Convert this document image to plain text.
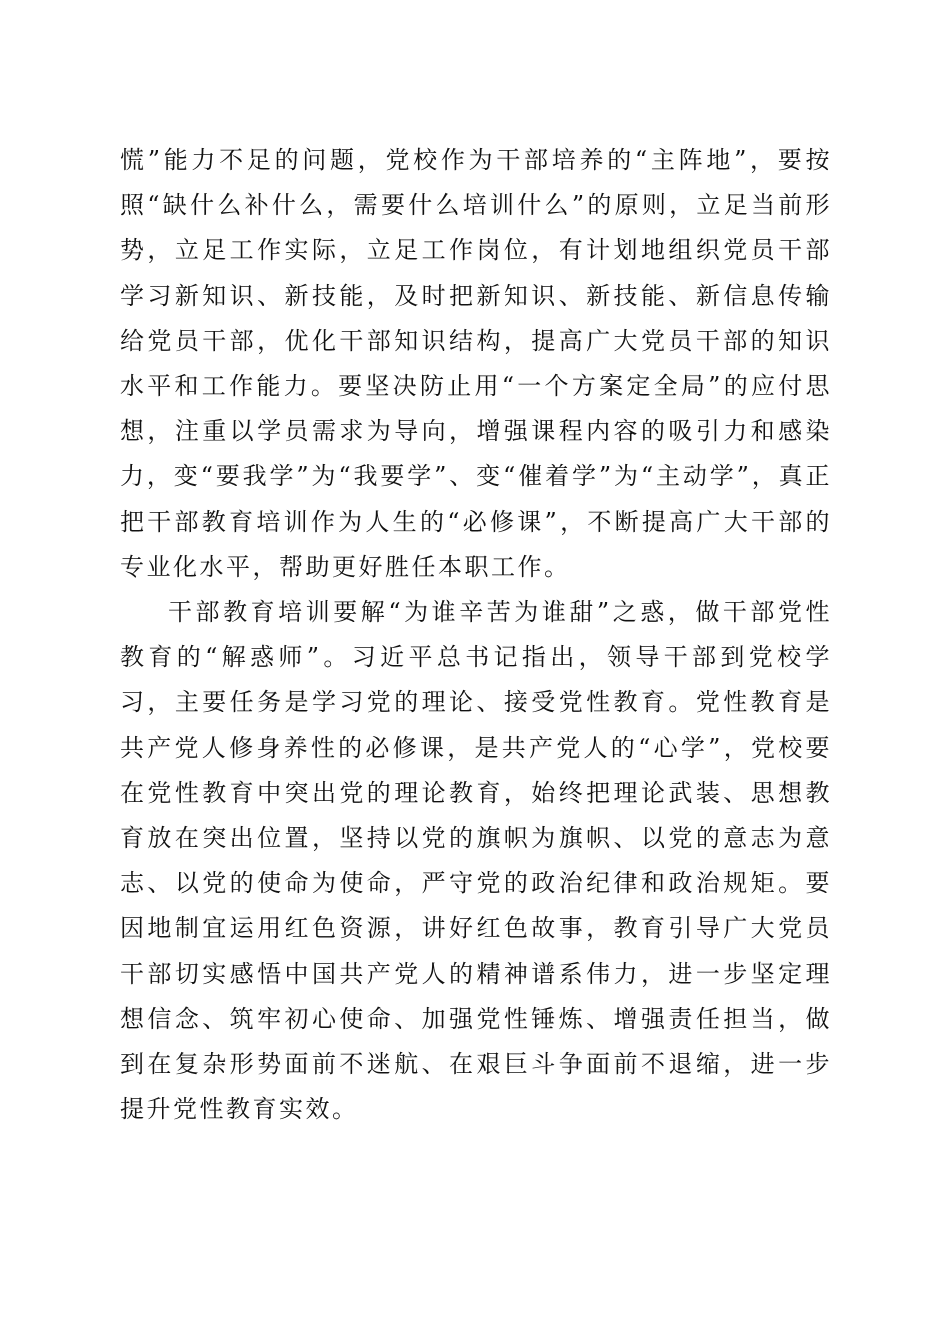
慌”能力不足的问题，党校作为干部培养的“主阵地”，要按照“缺什么补什么，需要什么培训什么”的原则，立足当前形势，立足工作实际，立足工作岗位，有计划地组织党员干部学习新知识、新技能，及时把新知识、新技能、新信息传输给党员干部，优化干部知识结构，提高广大党员干部的知识水平和工作能力。要坚决防止用“一个方案定全局”的应付思想，注重以学员需求为导向，增强课程内容的吸引力和感染力，变“要我学”为“我要学”、变“催着学”为“主动学”，真正把干部教育培训作为人生的“必修课”，不断提高广大干部的专业化水平，帮助更好胜任本职工作。

干部教育培训要解“为谁辛苦为谁甜”之惑，做干部党性教育的“解惑师”。习近平总书记指出，领导干部到党校学习，主要任务是学习党的理论、接受党性教育。党性教育是共产党人修身养性的必修课，是共产党人的“心学”，党校要在党性教育中突出党的理论教育，始终把理论武装、思想教育放在突出位置，坚持以党的旗帜为旗帜、以党的意志为意志、以党的使命为使命，严守党的政治纪律和政治规矩。要因地制宜运用红色资源，讲好红色故事，教育引导广大党员干部切实感悟中国共产党人的精神谱系伟力，进一步坚定理想信念、筑牢初心使命、加强党性锤炼、增强责任担当，做到在复杂形势面前不迷航、在艰巨斗争面前不退缩，进一步提升党性教育实效。
